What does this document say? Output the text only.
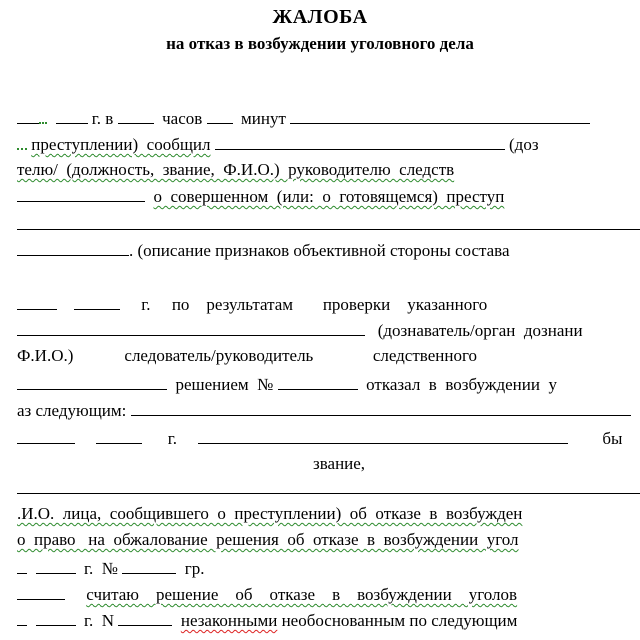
ЖАЛОБА
на отказ в возбуждении уголовного дела

г. в	часов минут

преступлении)  сообщил	(доз

телю/  (должность,  звание,  Ф.И.О.)  руководителю  следств

о  совершенном  (или:  о  готовящемся)  преступ

. (описание признаков объективной стороны состава

г. по результатам проверки указанного

(дознаватель/орган  дознани

Ф.И.О.)	следователь/руководитель	следственного

решением  №	отказал  в  возбуждении  у

аз следующим:

г.	бы

звание,

.И.О.  лица,  сообщившего  о  преступлении)  об  отказе  в  возбужден

о  право   на  обжалование  решения  об  отказе  в  возбуждении  угол

г.  №	гр.

считаю    решение    об    отказе    в    возбуждении    уголов

г.  N	незаконными необоснованным по следующим
